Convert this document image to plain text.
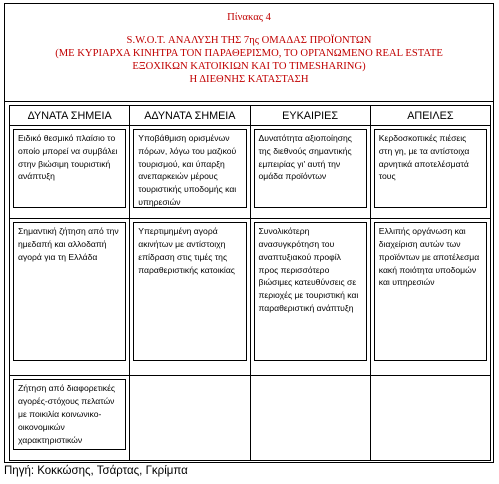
Πίνακας 4
S.W.O.T. ΑΝΑΛΥΣΗ ΤΗΣ 7ης ΟΜΑΔΑΣ ΠΡΟΪΟΝΤΩΝ
(ΜΕ ΚΥΡΙΑΡΧΑ ΚΙΝΗΤΡΑ ΤΟΝ ΠΑΡΑΘΕΡΙΣΜΟ, ΤΟ ΟΡΓΑΝΩΜΕΝΟ REAL ESTATE
ΕΞΟΧΙΚΩΝ ΚΑΤΟΙΚΙΩΝ ΚΑΙ ΤΟ TIMESHARING)
Η ΔΙΕΘΝΗΣ ΚΑΤΑΣΤΑΣΗ
ΔΥΝΑΤΑ ΣΗΜΕΙΑ	ΑΔΥΝΑΤΑ ΣΗΜΕΙΑ	ΕΥΚΑΙΡΙΕΣ	ΑΠΕΙΛΕΣ

Ειδικό θεσμικό πλαίσιο το οποίο μπορεί να συμβάλει στην βιώσιμη τουριστική ανάπτυξη	Υποβάθμιση ορισμένων πόρων, λόγω του μαζικού τουρισμού, και ύπαρξη ανεπαρκειών μέρους τουριστικής υποδομής και υπηρεσιών	Δυνατότητα αξιοποίησης της διεθνούς σημαντικής εμπειρίας γι' αυτή την ομάδα προϊόντων	Κερδοσκοπικές πιέσεις στη γη, με τα αντίστοιχα αρνητικά αποτελέσματά τους

Σημαντική ζήτηση από την ημεδαπή και αλλοδαπή αγορά για τη Ελλάδα	Υπερτιμημένη αγορά ακινήτων με αντίστοιχη επίδραση στις τιμές της παραθεριστικής κατοικίας	Συνολικότερη ανασυγκρότηση του αναπτυξιακού προφίλ προς περισσότερο βιώσιμες κατευθύνσεις σε περιοχές με τουριστική και παραθεριστική ανάπτυξη	Ελλιπής οργάνωση και διαχείριση αυτών των προϊόντων με αποτέλεσμα κακή ποιότητα υποδομών και υπηρεσιών

Ζήτηση από διαφορετικές αγορές-στόχους πελατών με ποικιλία κοινωνικο-οικονομικών χαρακτηριστικών			

Πηγή: Κοκκώσης, Τσάρτας, Γκρίμπα
